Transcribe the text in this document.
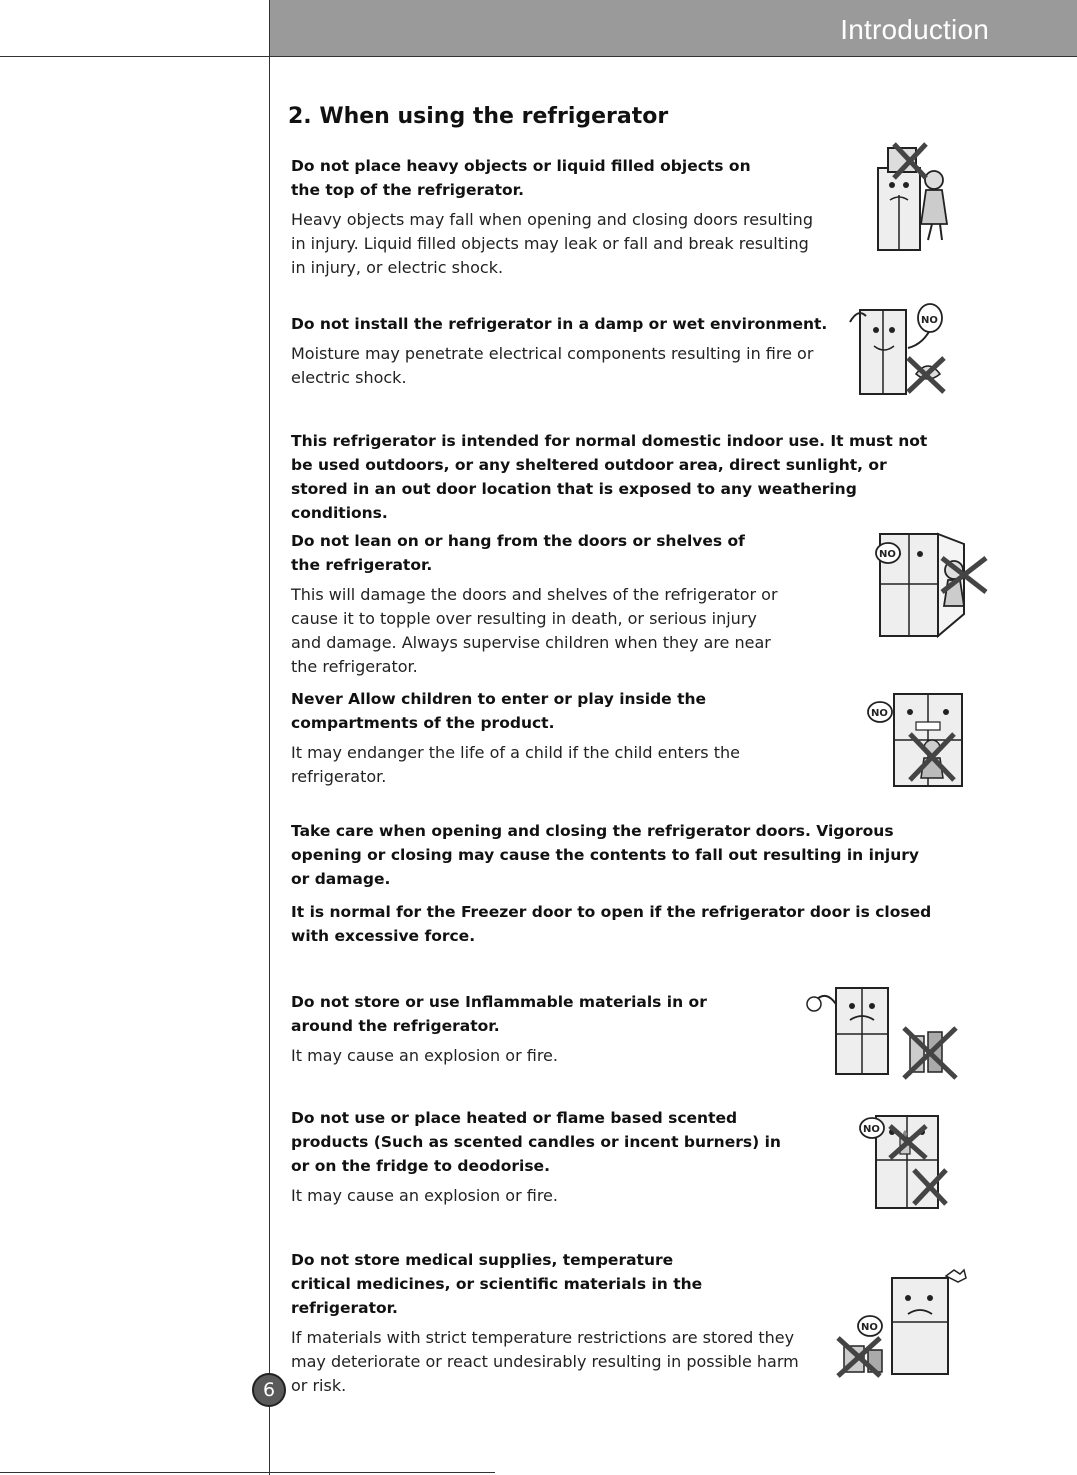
Introduction
2. When using the refrigerator
Do not place heavy objects or liquid filled objects on the top of the refrigerator.
Heavy objects may fall when opening and closing doors resulting in injury. Liquid filled objects may leak or fall and break resulting in injury, or electric shock.
Do not install the refrigerator in a damp or wet environment.
Moisture may penetrate electrical components resulting in fire or electric shock.
This refrigerator is intended for normal domestic indoor use. It must not be used outdoors, or any sheltered outdoor area, direct sunlight, or stored in an out door location that is exposed to any weathering conditions.
Do not lean on or hang from the doors or shelves of the refrigerator.
This will damage the doors and shelves of the refrigerator or cause it to topple over resulting in death, or serious injury and damage. Always supervise children when they are near the refrigerator.
Never Allow children to enter or play inside the compartments of the product.
It may endanger the life of a child if the child enters the refrigerator.
Take care when opening and closing the refrigerator doors. Vigorous opening or closing may cause the contents to fall out resulting in injury or damage.
It is normal for the Freezer door to open if the refrigerator door is closed with excessive force.
Do not store or use Inflammable materials in or around the refrigerator.
It may cause an explosion or fire.
Do not use or place heated or flame based scented products (Such as scented candles or incent burners) in or on the fridge to deodorise.
It may cause an explosion or fire.
Do not store medical supplies, temperature critical medicines, or scientific materials in the refrigerator.
If materials with strict temperature restrictions are stored they may deteriorate or react undesirably resulting in possible harm or risk.
NO
NO
NO
NO
NO
6
